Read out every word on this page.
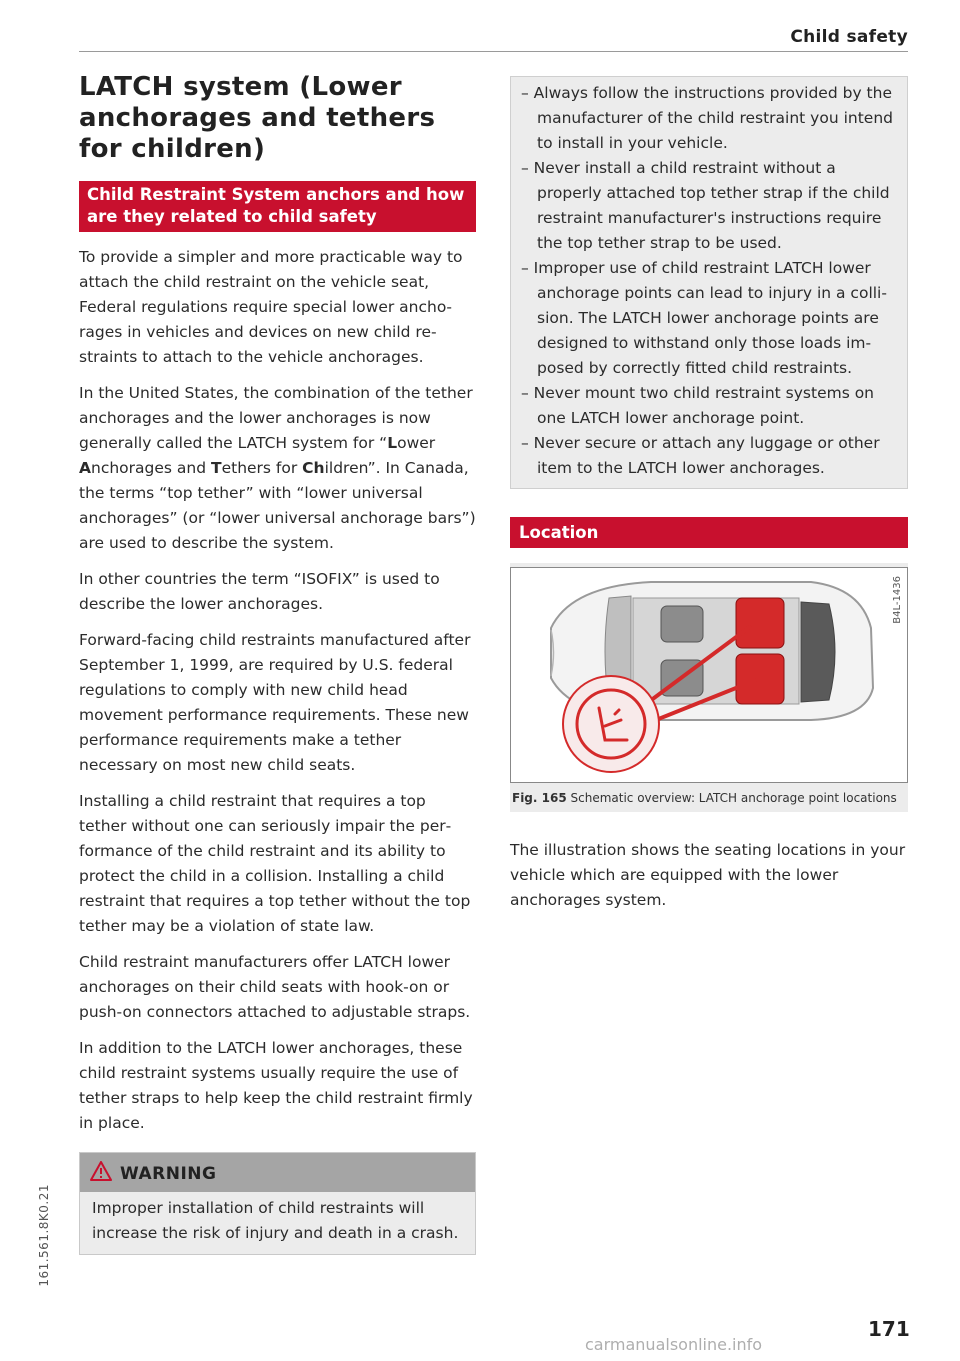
Child safety
LATCH system (Lower anchorages and tethers for children)
Child Restraint System anchors and how are they related to child safety

To provide a simpler and more practicable way to attach the child restraint on the vehicle seat, Federal regulations require special lower anchorages in vehicles and devices on new child restraints to attach to the vehicle anchorages.

In the United States, the combination of the tether anchorages and the lower anchorages is now generally called the LATCH system for “Lower Anchorages and Tethers for Children”. In Canada, the terms “top tether” with “lower universal anchorages” (or “lower universal anchorage bars”) are used to describe the system.

In other countries the term “ISOFIX” is used to describe the lower anchorages.

Forward-facing child restraints manufactured after September 1, 1999, are required by U.S. federal regulations to comply with new child head movement performance requirements. These new performance requirements make a tether necessary on most new child seats.

Installing a child restraint that requires a top tether without one can seriously impair the performance of the child restraint and its ability to protect the child in a collision. Installing a child restraint that requires a top tether without the top tether may be a violation of state law.

Child restraint manufacturers offer LATCH lower anchorages on their child seats with hook-on or push-on connectors attached to adjustable straps.

In addition to the LATCH lower anchorages, these child restraint systems usually require the use of tether straps to help keep the child restraint firmly in place.

WARNING
Improper installation of child restraints will increase the risk of injury and death in a crash.
– Always follow the instructions provided by the manufacturer of the child restraint you intend to install in your vehicle.
– Never install a child restraint without a properly attached top tether strap if the child restraint manufacturer's instructions require the top tether strap to be used.
– Improper use of child restraint LATCH lower anchorage points can lead to injury in a collision. The LATCH lower anchorage points are designed to withstand only those loads imposed by correctly fitted child restraints.
– Never mount two child restraint systems on one LATCH lower anchorage point.
– Never secure or attach any luggage or other item to the LATCH lower anchorages.
Location
B4L-1436
Fig. 165 Schematic overview: LATCH anchorage point locations

The illustration shows the seating locations in your vehicle which are equipped with the lower anchorages system.

161.561.8K0.21
171
carmanualsonline.info
